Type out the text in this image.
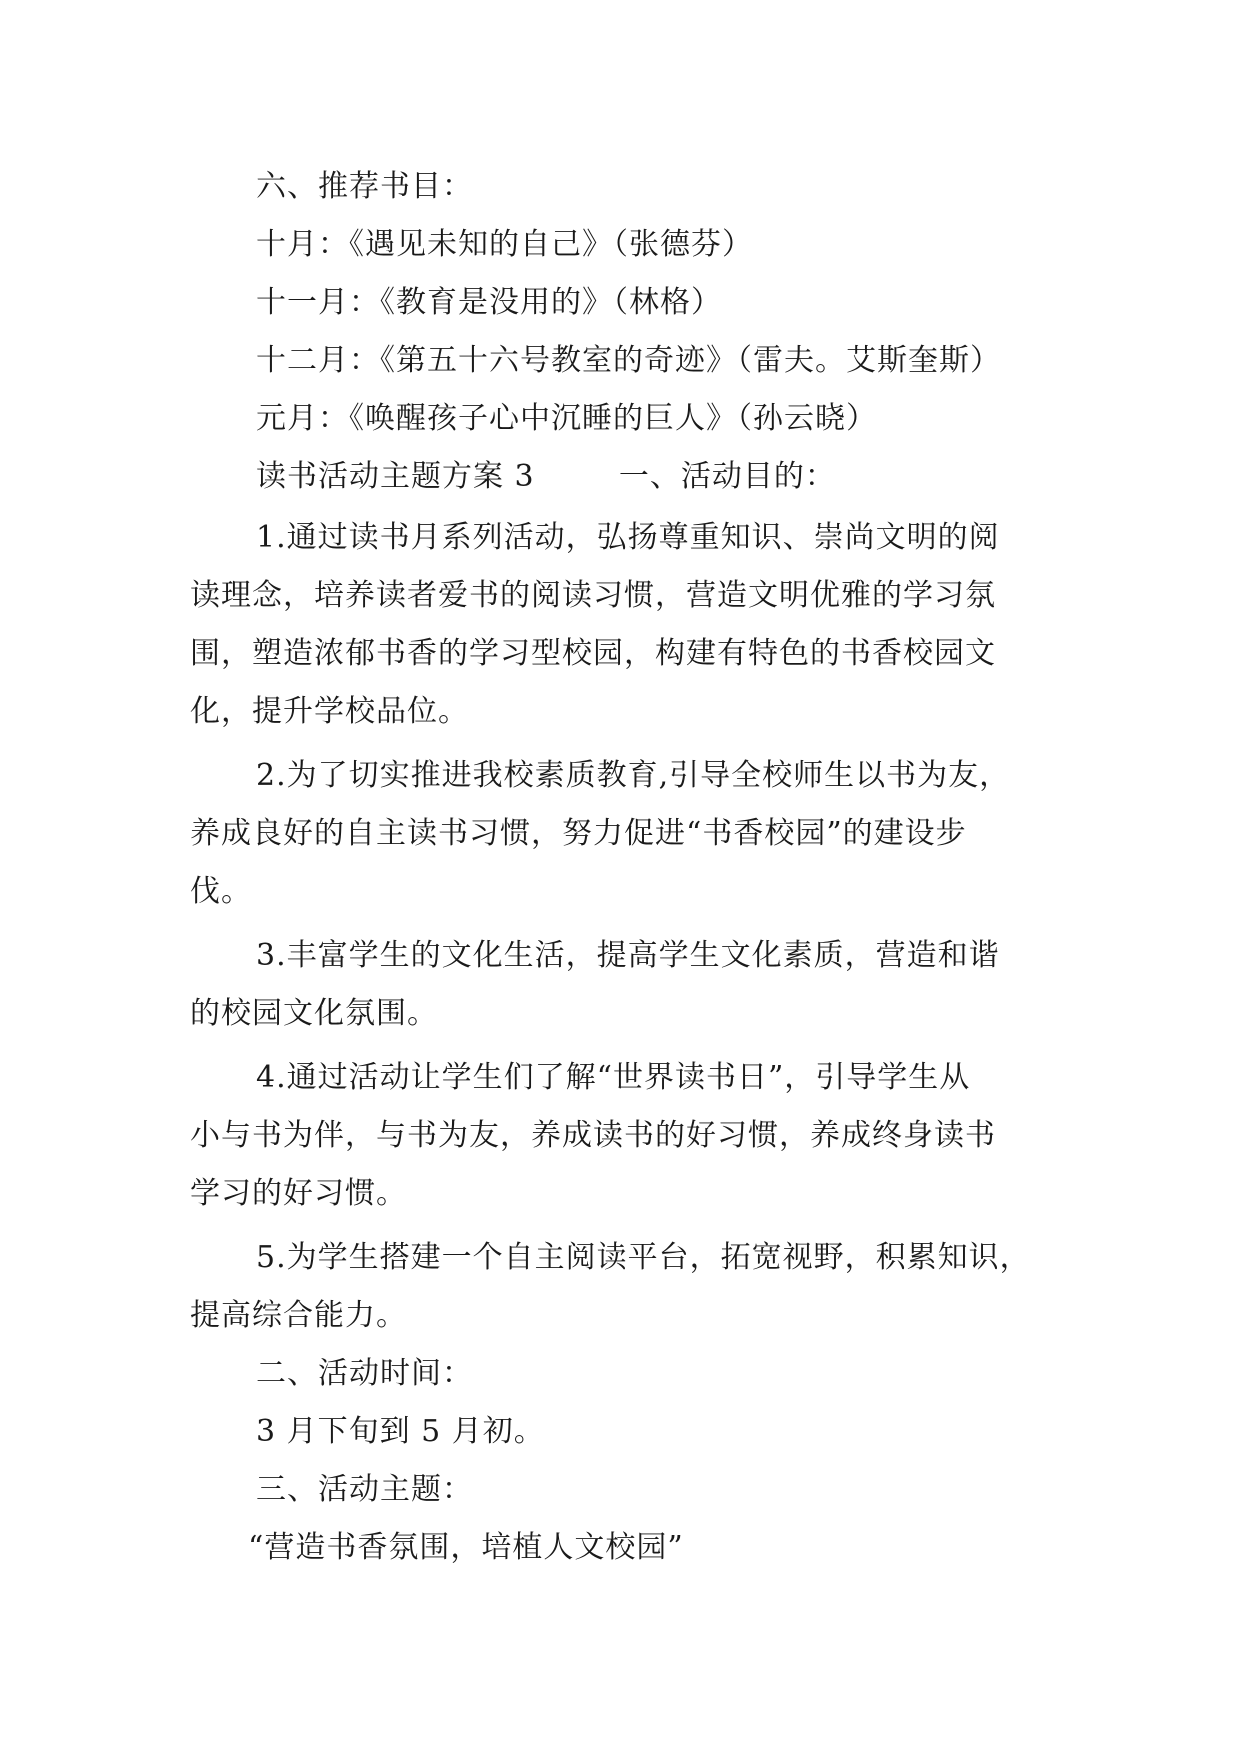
六、推荐书目：
十月：《遇见未知的自己》（张德芬）
十一月：《教育是没用的》（林格）
十二月：《第五十六号教室的奇迹》（雷夫。艾斯奎斯）
元月：《唤醒孩子心中沉睡的巨人》（孙云晓）
读书活动主题方案 3        一、活动目的：
1.通过读书月系列活动，弘扬尊重知识、崇尚文明的阅
读理念，培养读者爱书的阅读习惯，营造文明优雅的学习氛
围，塑造浓郁书香的学习型校园，构建有特色的书香校园文
化，提升学校品位。
2.为了切实推进我校素质教育,引导全校师生以书为友，
养成良好的自主读书习惯，努力促进“书香校园”的建设步
伐。
3.丰富学生的文化生活，提高学生文化素质，营造和谐
的校园文化氛围。
4.通过活动让学生们了解“世界读书日”，引导学生从
小与书为伴，与书为友，养成读书的好习惯，养成终身读书
学习的好习惯。
5.为学生搭建一个自主阅读平台，拓宽视野，积累知识，
提高综合能力。
二、活动时间：
3 月下旬到 5 月初。
三、活动主题：
“营造书香氛围，培植人文校园”
